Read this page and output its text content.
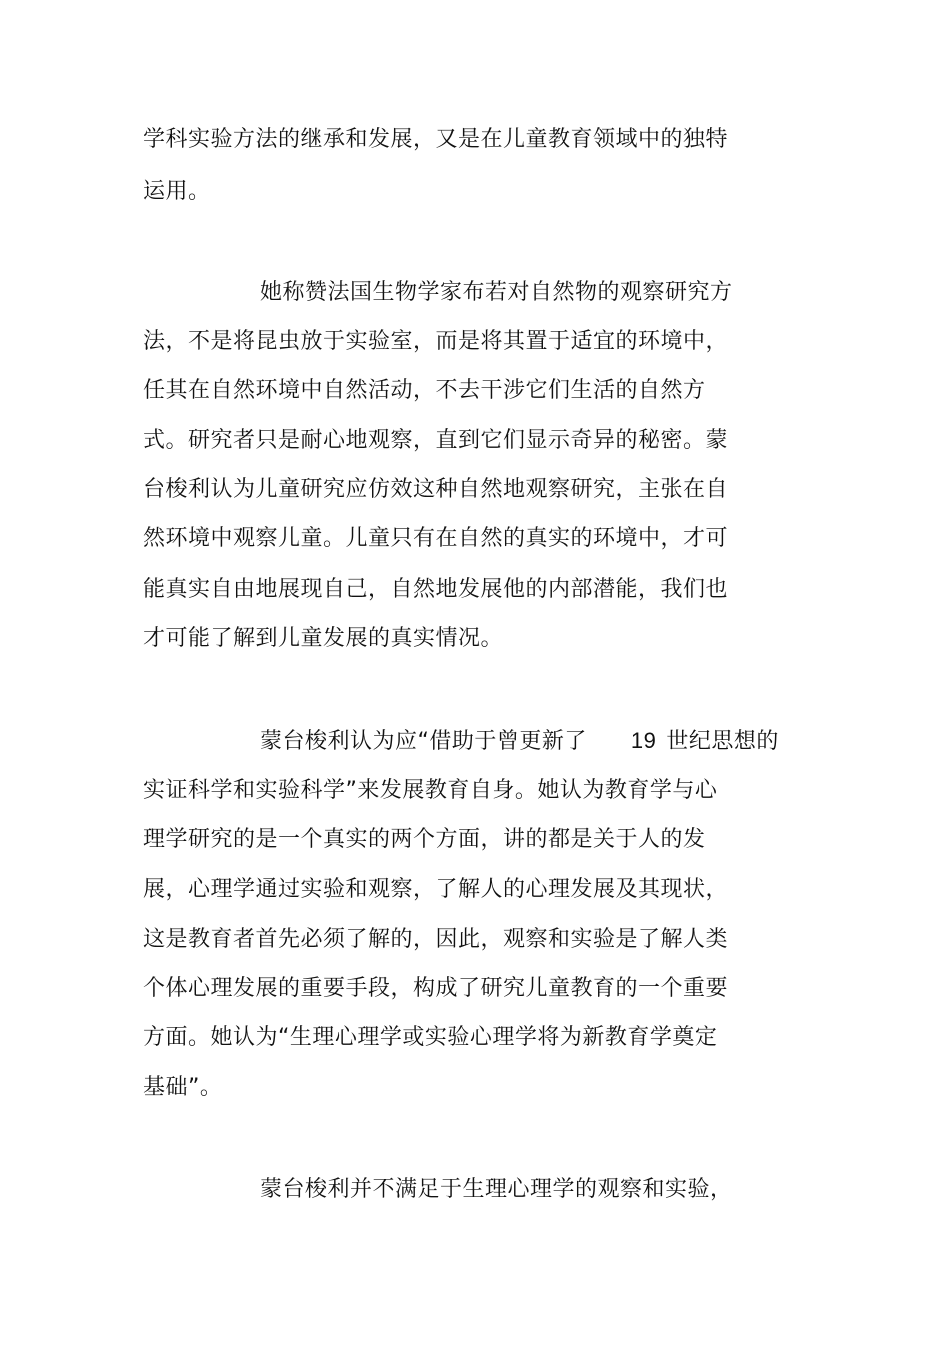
学科实验方法的继承和发展，又是在儿童教育领域中的独特
运用。
她称赞法国生物学家布若对自然物的观察研究方
法，不是将昆虫放于实验室，而是将其置于适宜的环境中，
任其在自然环境中自然活动，不去干涉它们生活的自然方
式。研究者只是耐心地观察，直到它们显示奇异的秘密。蒙
台梭利认为儿童研究应仿效这种自然地观察研究，主张在自
然环境中观察儿童。儿童只有在自然的真实的环境中，才可
能真实自由地展现自己，自然地发展他的内部潜能，我们也
才可能了解到儿童发展的真实情况。
蒙台梭利认为应“借助于曾更新了 19 世纪思想的
实证科学和实验科学”来发展教育自身。她认为教育学与心
理学研究的是一个真实的两个方面，讲的都是关于人的发
展，心理学通过实验和观察，了解人的心理发展及其现状，
这是教育者首先必须了解的，因此，观察和实验是了解人类
个体心理发展的重要手段，构成了研究儿童教育的一个重要
方面。她认为“生理心理学或实验心理学将为新教育学奠定
基础”。
蒙台梭利并不满足于生理心理学的观察和实验，
